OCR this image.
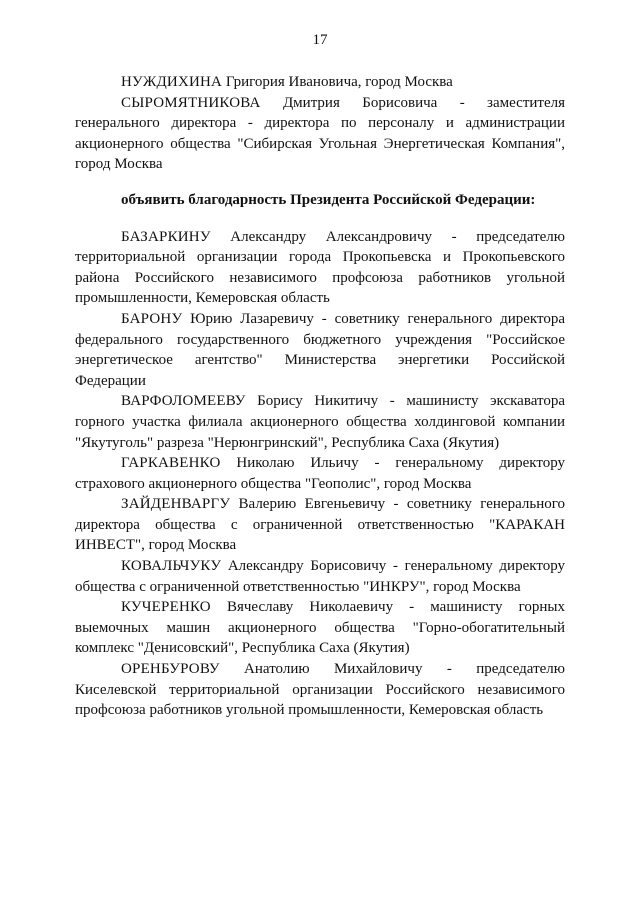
17

НУЖДИХИНА Григория Ивановича, город Москва

СЫРОМЯТНИКОВА Дмитрия Борисовича - заместителя генерального директора - директора по персоналу и администрации акционерного общества "Сибирская Угольная Энергетическая Компания", город Москва

объявить благодарность Президента Российской Федерации:

БАЗАРКИНУ Александру Александровичу - председателю территориальной организации города Прокопьевска и Прокопьевского района Российского независимого профсоюза работников угольной промышленности, Кемеровская область

БАРОНУ Юрию Лазаревичу - советнику генерального директора федерального государственного бюджетного учреждения "Российское энергетическое агентство" Министерства энергетики Российской Федерации

ВАРФОЛОМЕЕВУ Борису Никитичу - машинисту экскаватора горного участка филиала акционерного общества холдинговой компании "Якутуголь" разреза "Нерюнгринский", Республика Саха (Якутия)

ГАРКАВЕНКО Николаю Ильичу - генеральному директору страхового акционерного общества "Геополис", город Москва

ЗАЙДЕНВАРГУ Валерию Евгеньевичу - советнику генерального директора общества с ограниченной ответственностью "КАРАКАН ИНВЕСТ", город Москва

КОВАЛЬЧУКУ Александру Борисовичу - генеральному директору общества с ограниченной ответственностью "ИНКРУ", город Москва

КУЧЕРЕНКО Вячеславу Николаевичу - машинисту горных выемочных машин акционерного общества "Горно-обогатительный комплекс "Денисовский", Республика Саха (Якутия)

ОРЕНБУРОВУ Анатолию Михайловичу - председателю Киселевской территориальной организации Российского независимого профсоюза работников угольной промышленности, Кемеровская область
